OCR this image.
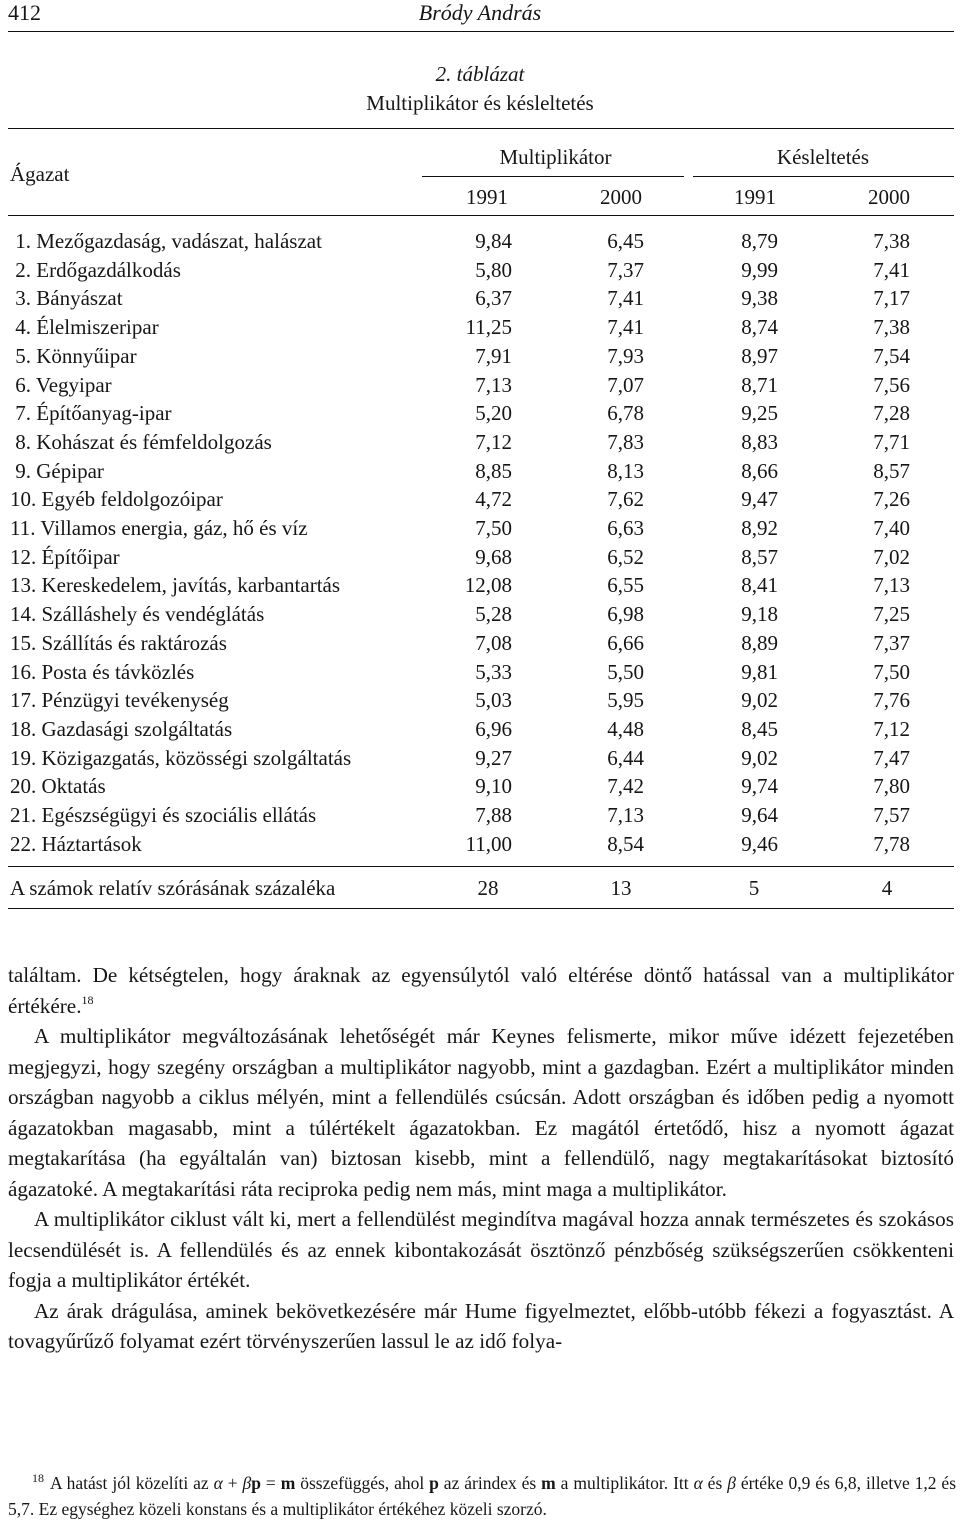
412	Bródy András
2. táblázat
Multiplikátor és késleltetés
Ágazat
Multiplikátor	Késleltetés
1991	2000	1991	2000
1. Mezőgazdaság, vadászat, halászat	9,84	6,45	8,79	7,38
2. Erdőgazdálkodás	5,80	7,37	9,99	7,41
3. Bányászat	6,37	7,41	9,38	7,17
4. Élelmiszeripar	11,25	7,41	8,74	7,38
5. Könnyűipar	7,91	7,93	8,97	7,54
6. Vegyipar	7,13	7,07	8,71	7,56
7. Építőanyag-ipar	5,20	6,78	9,25	7,28
8. Kohászat és fémfeldolgozás	7,12	7,83	8,83	7,71
9. Gépipar	8,85	8,13	8,66	8,57
10. Egyéb feldolgozóipar	4,72	7,62	9,47	7,26
11. Villamos energia, gáz, hő és víz	7,50	6,63	8,92	7,40
12. Építőipar	9,68	6,52	8,57	7,02
13. Kereskedelem, javítás, karbantartás	12,08	6,55	8,41	7,13
14. Szálláshely és vendéglátás	5,28	6,98	9,18	7,25
15. Szállítás és raktározás	7,08	6,66	8,89	7,37
16. Posta és távközlés	5,33	5,50	9,81	7,50
17. Pénzügyi tevékenység	5,03	5,95	9,02	7,76
18. Gazdasági szolgáltatás	6,96	4,48	8,45	7,12
19. Közigazgatás, közösségi szolgáltatás	9,27	6,44	9,02	7,47
20. Oktatás	9,10	7,42	9,74	7,80
21. Egészségügyi és szociális ellátás	7,88	7,13	9,64	7,57
22. Háztartások	11,00	8,54	9,46	7,78
A számok relatív szórásának százaléka	28	13	5	4

találtam. De kétségtelen, hogy áraknak az egyensúlytól való eltérése döntő hatással van a multiplikátor értékére.$^{18}$

A multiplikátor megváltozásának lehetőségét már Keynes felismerte, mikor műve idézett fejezetében megjegyzi, hogy szegény országban a multiplikátor nagyobb, mint a gazdagban. Ezért a multiplikátor minden országban nagyobb a ciklus mélyén, mint a fellendülés csúcsán. Adott országban és időben pedig a nyomott ágazatokban magasabb, mint a túlértékelt ágazatokban. Ez magától értetődő, hisz a nyomott ágazat megtakarítása (ha egyáltalán van) biztosan kisebb, mint a fellendülő, nagy megtakarításokat biztosító ágazatoké. A megtakarítási ráta reciproka pedig nem más, mint maga a multiplikátor.

A multiplikátor ciklust vált ki, mert a fellendülést megindítva magával hozza annak természetes és szokásos lecsendülését is. A fellendülés és az ennek kibontakozását ösztönző pénzbőség szükségszerűen csökkenteni fogja a multiplikátor értékét.

Az árak drágulása, aminek bekövetkezésére már Hume figyelmeztet, előbb-utóbb fékezi a fogyasztást. A tovagyűrűző folyamat ezért törvényszerűen lassul le az idő folya-

$^{18}$ A hatást jól közelíti az α + βp = m összefüggés, ahol p az árindex és m a multiplikátor. Itt α és β értéke 0,9 és 6,8, illetve 1,2 és 5,7. Ez egységhez közeli konstans és a multiplikátor értékéhez közeli szorzó.
